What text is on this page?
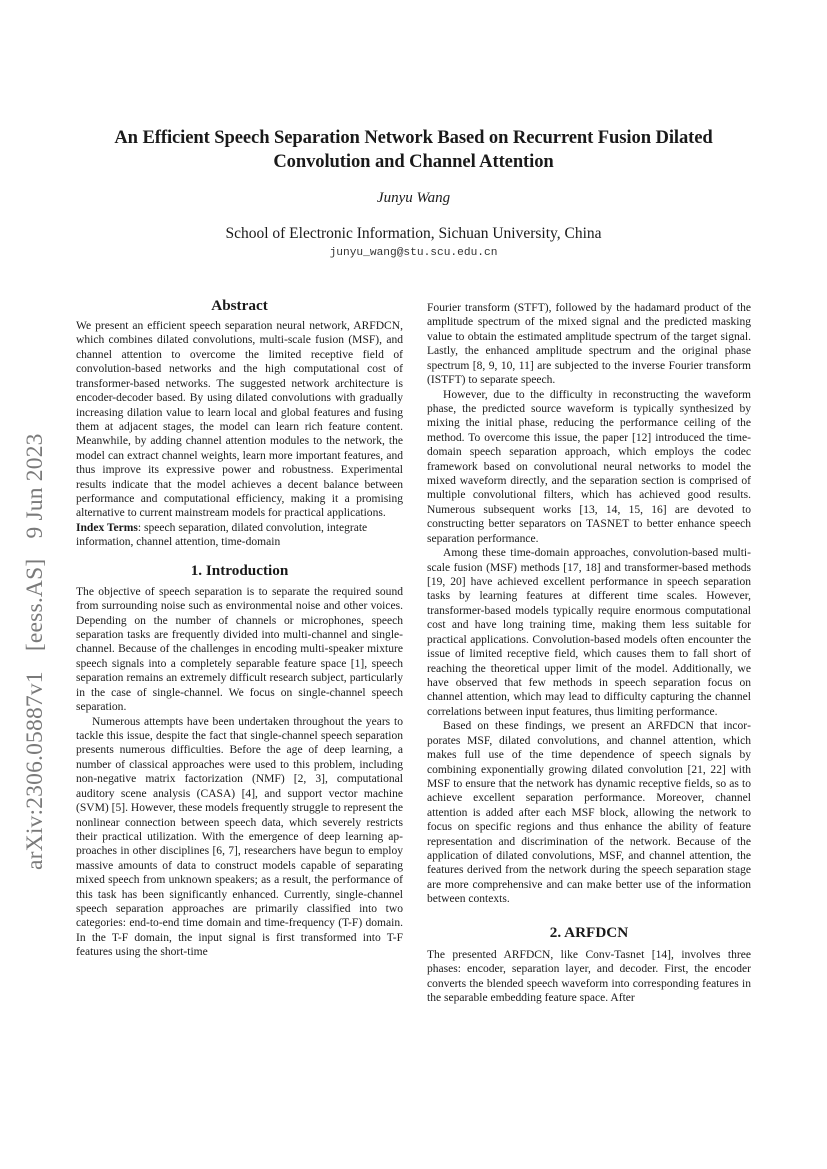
An Efficient Speech Separation Network Based on Recurrent Fusion Dilated
Convolution and Channel Attention
Junyu Wang
School of Electronic Information, Sichuan University, China
junyu_wang@stu.scu.edu.cn
arXiv:2306.05887v1 [eess.AS] 9 Jun 2023
Abstract

We present an efficient speech separation neural network, ARFDCN, which combines dilated convolutions, multi-scale fusion (MSF), and channel attention to overcome the limited receptive field of convolution-based networks and the high computational cost of transformer-based networks. The suggested network architecture is encoder-decoder based. By using dilated convolutions with gradually increasing dilation value to learn local and global features and fusing them at adjacent stages, the model can learn rich feature content. Meanwhile, by adding channel attention modules to the network, the model can extract channel weights, learn more important features, and thus improve its expressive power and robustness. Experimental results indicate that the model achieves a decent balance between performance and computational efficiency, making it a promising alternative to current mainstream models for practical applications.

Index Terms: speech separation, dilated convolution, integrate information, channel attention, time-domain

1. Introduction

The objective of speech separation is to separate the required sound from surrounding noise such as environmental noise and other voices. Depending on the number of channels or microphones, speech separation tasks are frequently divided into multi-channel and single-channel. Because of the challenges in encoding multi-speaker mixture speech signals into a completely separable feature space [1], speech separation remains an extremely difficult research subject, particularly in the case of single-channel. We focus on single-channel speech separation.

Numerous attempts have been undertaken throughout the years to tackle this issue, despite the fact that single-channel speech separation presents numerous difficulties. Before the age of deep learning, a number of classical approaches were used to this problem, including non-negative matrix factorization (NMF) [2, 3], computational auditory scene analysis (CASA) [4], and support vector machine (SVM) [5]. However, these models frequently struggle to represent the nonlinear connection between speech data, which severely restricts their practical utilization. With the emergence of deep learning approaches in other disciplines [6, 7], researchers have begun to employ massive amounts of data to construct models capable of separating mixed speech from unknown speakers; as a result, the performance of this task has been significantly enhanced. Currently, single-channel speech separation approaches are primarily classified into two categories: end-to-end time domain and time-frequency (T-F) domain. In the T-F domain, the input signal is first transformed into T-F features using the short-time

Fourier transform (STFT), followed by the hadamard product of the amplitude spectrum of the mixed signal and the predicted masking value to obtain the estimated amplitude spectrum of the target signal. Lastly, the enhanced amplitude spectrum and the original phase spectrum [8, 9, 10, 11] are subjected to the inverse Fourier transform (ISTFT) to separate speech.

However, due to the difficulty in reconstructing the waveform phase, the predicted source waveform is typically synthesized by mixing the initial phase, reducing the performance ceiling of the method. To overcome this issue, the paper [12] introduced the time-domain speech separation approach, which employs the codec framework based on convolutional neural networks to model the mixed waveform directly, and the separation section is comprised of multiple convolutional filters, which has achieved good results. Numerous subsequent works [13, 14, 15, 16] are devoted to constructing better separators on TASNET to better enhance speech separation performance.

Among these time-domain approaches, convolution-based multi-scale fusion (MSF) methods [17, 18] and transformer-based methods [19, 20] have achieved excellent performance in speech separation tasks by learning features at different time scales. However, transformer-based models typically require enormous computational cost and have long training time, making them less suitable for practical applications. Convolution-based models often encounter the issue of limited receptive field, which causes them to fall short of reaching the theoretical upper limit of the model. Additionally, we have observed that few methods in speech separation focus on channel attention, which may lead to difficulty capturing the channel correlations between input features, thus limiting performance.

Based on these findings, we present an ARFDCN that incorporates MSF, dilated convolutions, and channel attention, which makes full use of the time dependence of speech signals by combining exponentially growing dilated convolution [21, 22] with MSF to ensure that the network has dynamic receptive fields, so as to achieve excellent separation performance. Moreover, channel attention is added after each MSF block, allowing the network to focus on specific regions and thus enhance the ability of feature representation and discrimination of the network. Because of the application of dilated convolutions, MSF, and channel attention, the features derived from the network during the speech separation stage are more comprehensive and can make better use of the information between contexts.

2. ARFDCN

The presented ARFDCN, like Conv-Tasnet [14], involves three phases: encoder, separation layer, and decoder. First, the encoder converts the blended speech waveform into corresponding features in the separable embedding feature space. After
